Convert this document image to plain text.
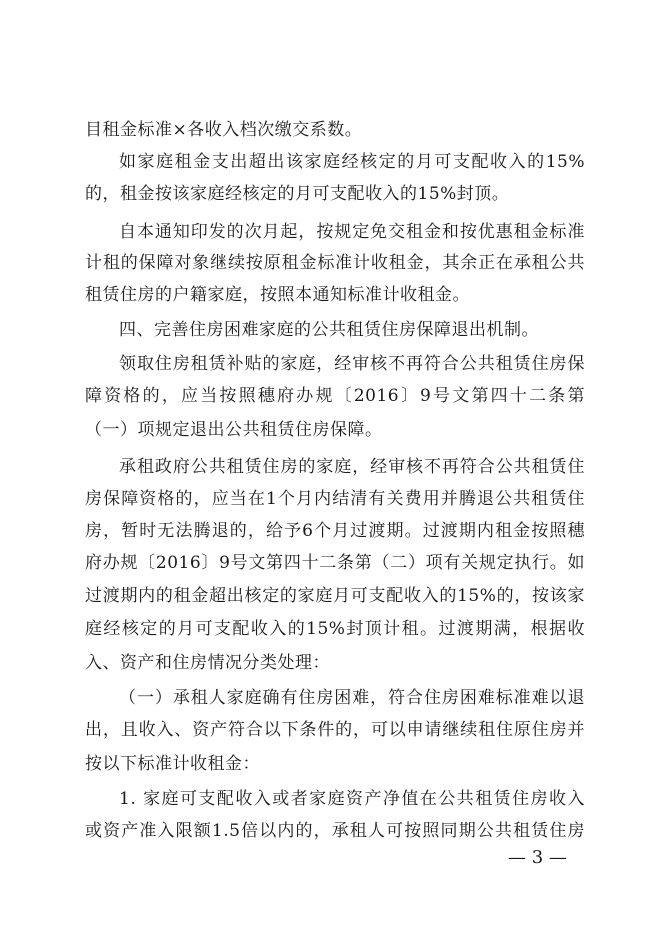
目租金标准×各收入档次缴交系数。
如家庭租金支出超出该家庭经核定的月可支配收入的15%
的，租金按该家庭经核定的月可支配收入的15%封顶。
自本通知印发的次月起，按规定免交租金和按优惠租金标准
计租的保障对象继续按原租金标准计收租金，其余正在承租公共
租赁住房的户籍家庭，按照本通知标准计收租金。
四、完善住房困难家庭的公共租赁住房保障退出机制。
领取住房租赁补贴的家庭，经审核不再符合公共租赁住房保
障资格的，应当按照穗府办规〔2016〕9号文第四十二条第
（一）项规定退出公共租赁住房保障。
承租政府公共租赁住房的家庭，经审核不再符合公共租赁住
房保障资格的，应当在1个月内结清有关费用并腾退公共租赁住
房，暂时无法腾退的，给予6个月过渡期。过渡期内租金按照穗
府办规〔2016〕9号文第四十二条第（二）项有关规定执行。如
过渡期内的租金超出核定的家庭月可支配收入的15%的，按该家
庭经核定的月可支配收入的15%封顶计租。过渡期满，根据收
入、资产和住房情况分类处理：
（一）承租人家庭确有住房困难，符合住房困难标准难以退
出，且收入、资产符合以下条件的，可以申请继续租住原住房并
按以下标准计收租金：
1. 家庭可支配收入或者家庭资产净值在公共租赁住房收入
或资产准入限额1.5倍以内的，承租人可按照同期公共租赁住房
— 3 —
